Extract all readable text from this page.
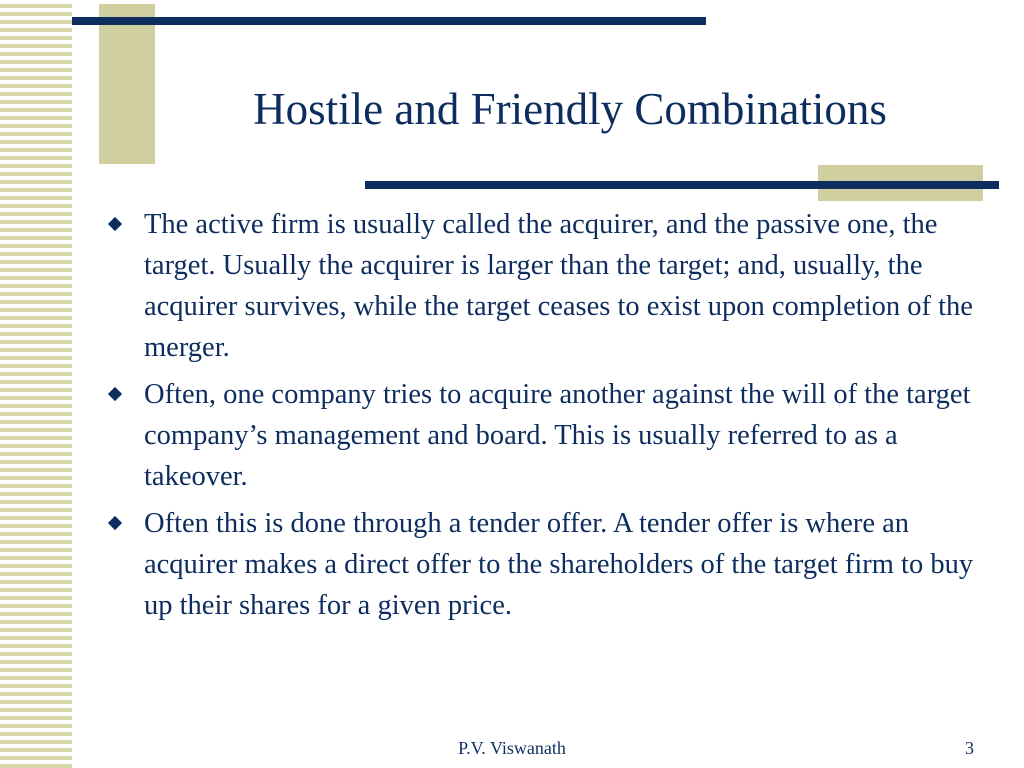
Hostile and Friendly Combinations
The active firm is usually called the acquirer, and the passive one, the target. Usually the acquirer is larger than the target; and, usually, the acquirer survives, while the target ceases to exist upon completion of the merger.
Often, one company tries to acquire another against the will of the target company’s management and board. This is usually referred to as a takeover.
Often this is done through a tender offer. A tender offer is where an acquirer makes a direct offer to the shareholders of the target firm to buy up their shares for a given price.
P.V. Viswanath	3
